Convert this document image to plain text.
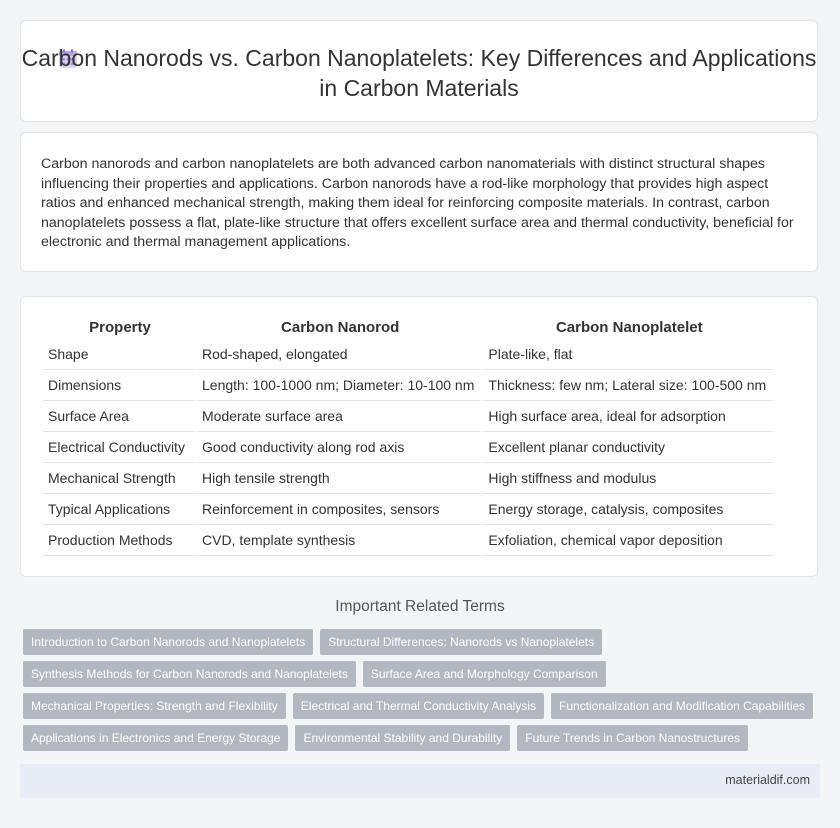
Carbon Nanorods vs. Carbon Nanoplatelets: Key Differences and Applications in Carbon Materials

Carbon nanorods and carbon nanoplatelets are both advanced carbon nanomaterials with distinct structural shapes influencing their properties and applications. Carbon nanorods have a rod-like morphology that provides high aspect ratios and enhanced mechanical strength, making them ideal for reinforcing composite materials. In contrast, carbon nanoplatelets possess a flat, plate-like structure that offers excellent surface area and thermal conductivity, beneficial for electronic and thermal management applications.

Property	Carbon Nanorod	Carbon Nanoplatelet
Shape	Rod-shaped, elongated	Plate-like, flat
Dimensions	Length: 100-1000 nm; Diameter: 10-100 nm	Thickness: few nm; Lateral size: 100-500 nm
Surface Area	Moderate surface area	High surface area, ideal for adsorption
Electrical Conductivity	Good conductivity along rod axis	Excellent planar conductivity
Mechanical Strength	High tensile strength	High stiffness and modulus
Typical Applications	Reinforcement in composites, sensors	Energy storage, catalysis, composites
Production Methods	CVD, template synthesis	Exfoliation, chemical vapor deposition
Important Related Terms
Introduction to Carbon Nanorods and Nanoplatelets	Structural Differences: Nanorods vs Nanoplatelets
Synthesis Methods for Carbon Nanorods and Nanoplatelets	Surface Area and Morphology Comparison
Mechanical Properties: Strength and Flexibility	Electrical and Thermal Conductivity Analysis	Functionalization and Modification Capabilities
Applications in Electronics and Energy Storage	Environmental Stability and Durability	Future Trends in Carbon Nanostructures
materialdif.com
